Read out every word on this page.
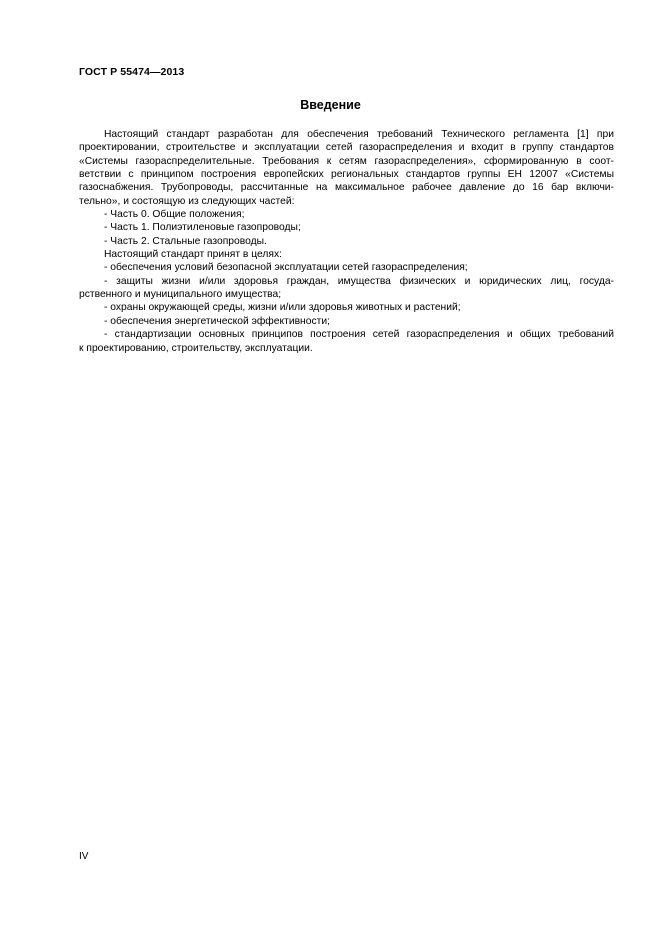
ГОСТ Р 55474—2013
Введение
Настоящий стандарт разработан для обеспечения требований Технического регламента [1] при
проектировании, строительстве и эксплуатации сетей газораспределения и входит в группу стандартов
«Системы газораспределительные. Требования к сетям газораспределения», сформированную в соот-
ветствии с принципом построения европейских региональных стандартов группы ЕН 12007 «Системы
газоснабжения. Трубопроводы, рассчитанные на максимальное рабочее давление до 16 бар включи-
тельно», и состоящую из следующих частей:
- Часть 0. Общие положения;
- Часть 1. Полиэтиленовые газопроводы;
- Часть 2. Стальные газопроводы.
Настоящий стандарт принят в целях:
- обеспечения условий безопасной эксплуатации сетей газораспределения;
- защиты жизни и/или здоровья граждан, имущества физических и юридических лиц, госуда-
рственного и муниципального имущества;
- охраны окружающей среды, жизни и/или здоровья животных и растений;
- обеспечения энергетической эффективности;
- стандартизации основных принципов построения сетей газораспределения и общих требований
к проектированию, строительству, эксплуатации.
IV
